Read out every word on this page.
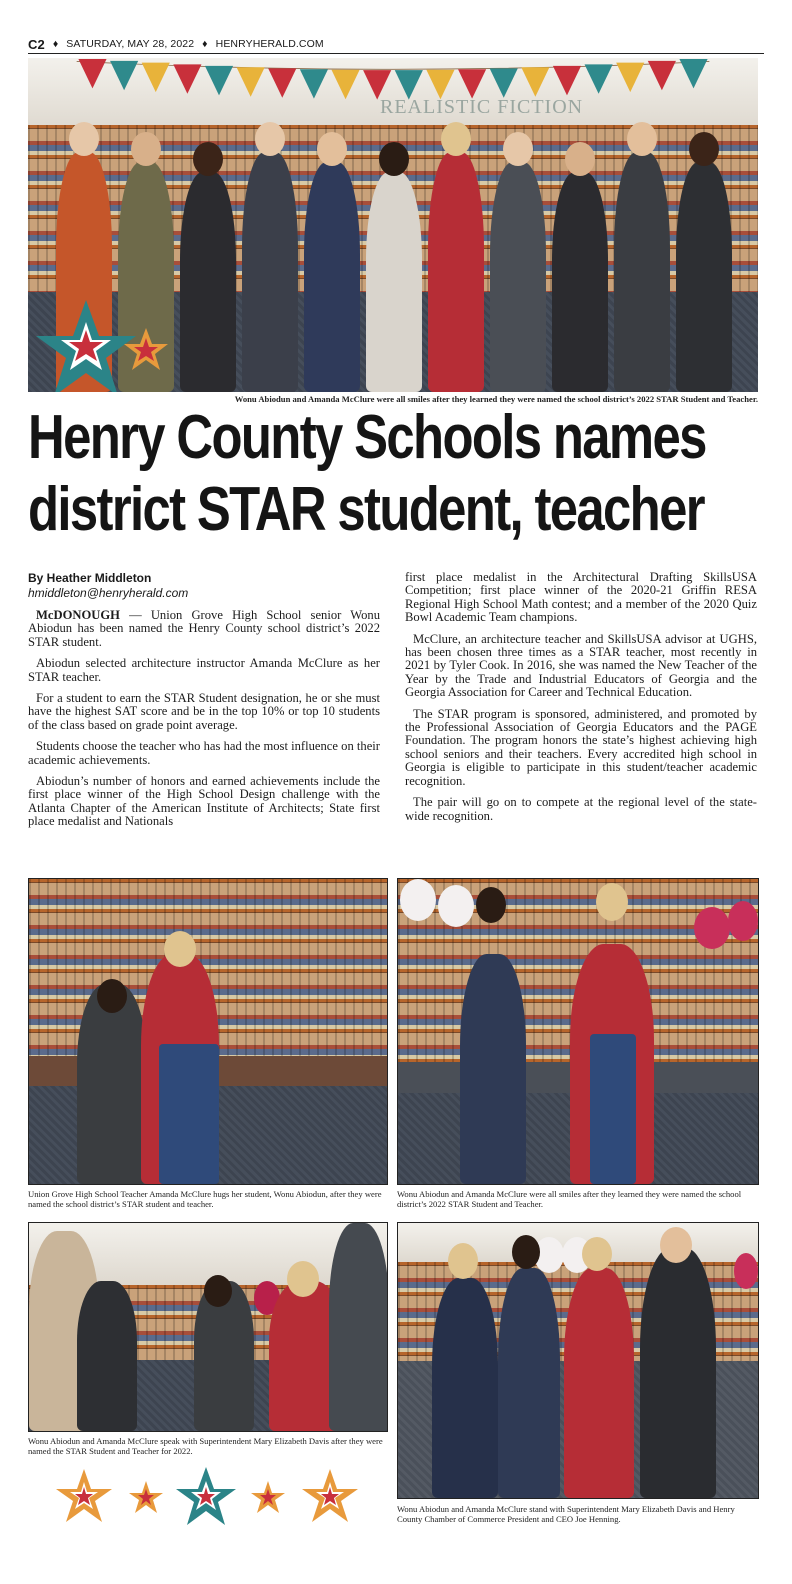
C2 ♦ SATURDAY, MAY 28, 2022 ♦ HENRYHERALD.COM
REALISTIC FICTION
Wonu Abiodun and Amanda McClure were all smiles after they learned they were named the school district’s 2022 STAR Student and Teacher.
Henry County Schools names
district STAR student, teacher
By Heather Middleton
hmiddleton@henryherald.com

McDONOUGH — Union Grove High School senior Wonu Abiodun has been named the Henry County school district’s 2022 STAR student.

Abiodun selected architecture instructor Amanda McClure as her STAR teacher.

For a student to earn the STAR Student designation, he or she must have the highest SAT score and be in the top 10% or top 10 students of the class based on grade point average.

Students choose the teacher who has had the most influence on their academic achievements.

Abiodun’s number of honors and earned achievements include the first place winner of the High School Design challenge with the Atlanta Chapter of the American Institute of Architects; State first place medalist and Nationals

first place medalist in the Architectural Drafting SkillsUSA Competition; first place winner of the 2020-21 Griffin RESA Regional High School Math contest; and a member of the 2020 Quiz Bowl Academic Team champions.

McClure, an architecture teacher and SkillsUSA advisor at UGHS, has been chosen three times as a STAR teacher, most recently in 2021 by Tyler Cook. In 2016, she was named the New Teacher of the Year by the Trade and Industrial Educators of Georgia and the Georgia Association for Career and Technical Education.

The STAR program is sponsored, administered, and promoted by the Professional Association of Georgia Educators and the PAGE Foundation. The program honors the state’s highest achieving high school seniors and their teachers. Every accredited high school in Georgia is eligible to participate in this student/teacher academic recognition.

The pair will go on to compete at the regional level of the state-wide recognition.

Union Grove High School Teacher Amanda McClure hugs her student, Wonu Abiodun, after they were named the school district’s STAR student and teacher.
Wonu Abiodun and Amanda McClure were all smiles after they learned they were named the school district’s 2022 STAR Student and Teacher.
Wonu Abiodun and Amanda McClure speak with Superintendent Mary Elizabeth Davis after they were named the STAR Student and Teacher for 2022.
Wonu Abiodun and Amanda McClure stand with Superintendent Mary Elizabeth Davis and Henry County Chamber of Commerce President and CEO Joe Henning.
